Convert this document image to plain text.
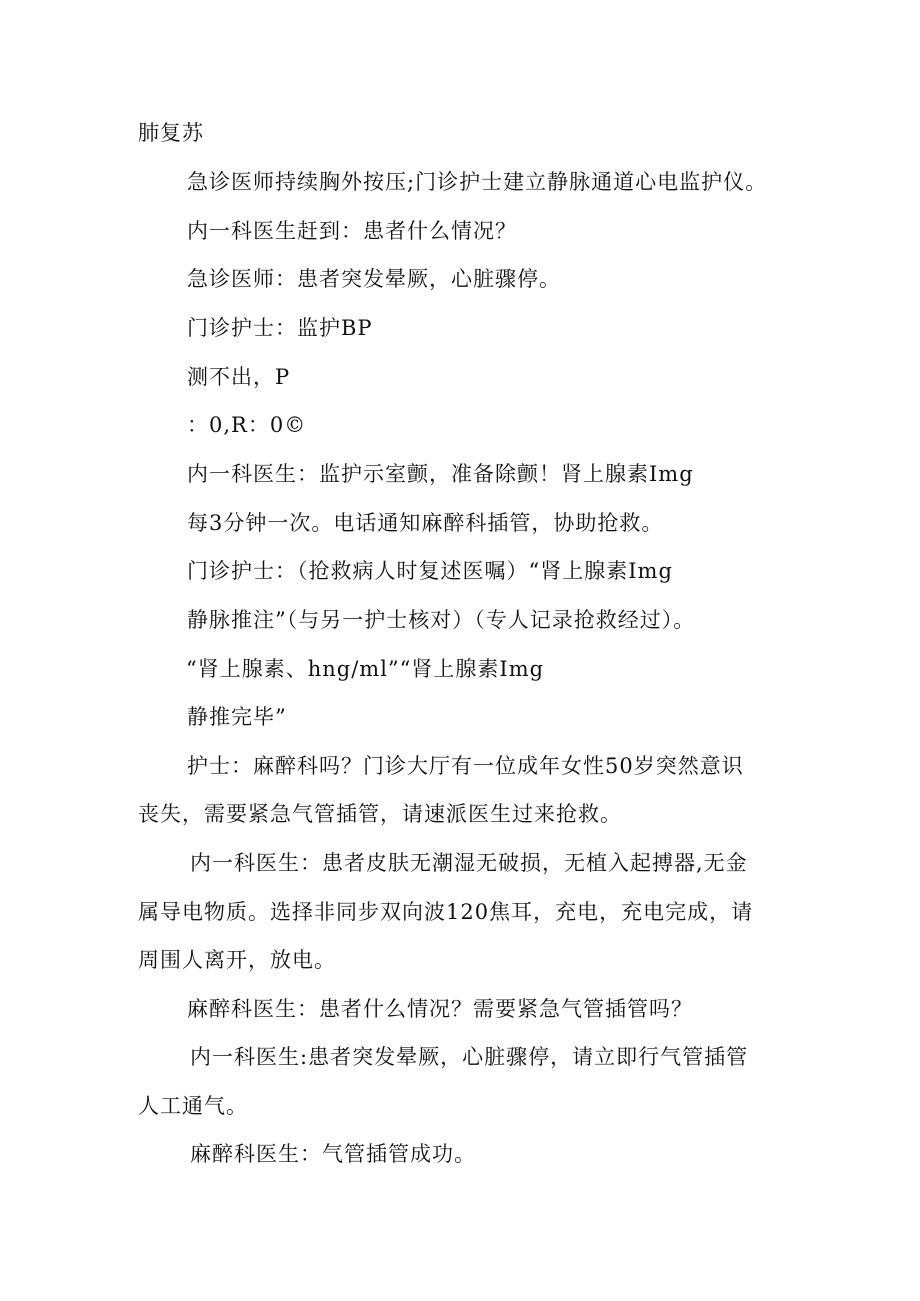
肺复苏
急诊医师持续胸外按压;门诊护士建立静脉通道心电监护仪。
内一科医生赶到：患者什么情况？
急诊医师：患者突发晕厥，心脏骤停。
门诊护士：监护BP
测不出，P
：0,R：0©
内一科医生：监护示室颤，准备除颤！肾上腺素Img
每3分钟一次。电话通知麻醉科插管，协助抢救。
门诊护士：（抢救病人时复述医嘱）“肾上腺素Img
静脉推注”（与另一护士核对）（专人记录抢救经过）。
“肾上腺素、hng/ml”“肾上腺素Img
静推完毕”
护士：麻醉科吗？门诊大厅有一位成年女性50岁突然意识
丧失，需要紧急气管插管，请速派医生过来抢救。
内一科医生：患者皮肤无潮湿无破损，无植入起搏器,无金
属导电物质。选择非同步双向波120焦耳，充电，充电完成，请
周围人离开，放电。
麻醉科医生：患者什么情况？需要紧急气管插管吗？
内一科医生:患者突发晕厥，心脏骤停，请立即行气管插管
人工通气。
麻醉科医生：气管插管成功。
